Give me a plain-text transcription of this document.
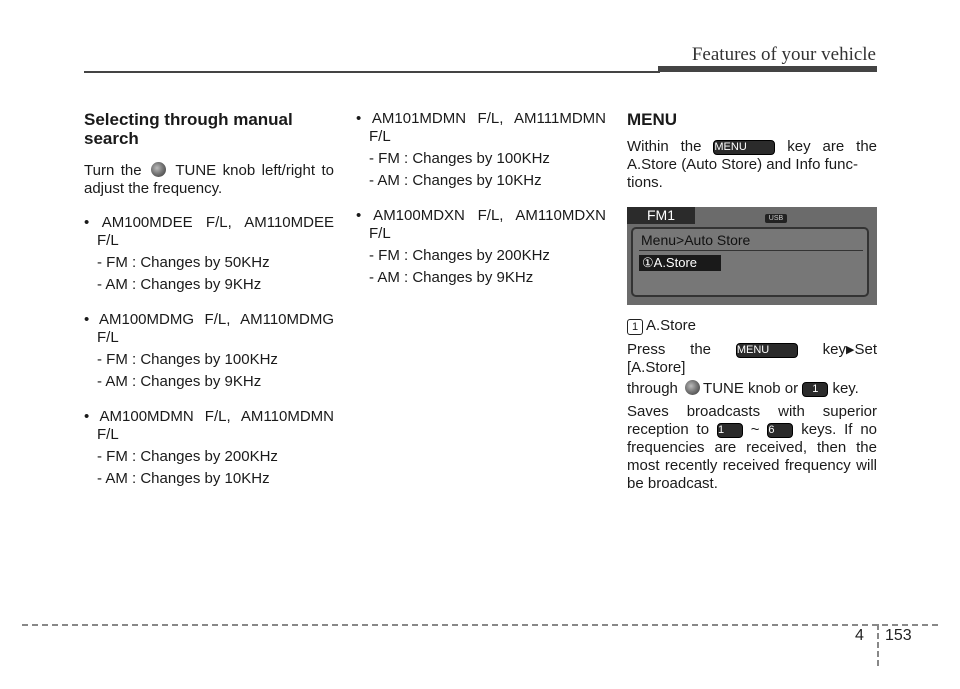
Features of your vehicle
Selecting through manual search

Turn the TUNE knob left/right to

adjust the frequency.

• AM100MDEE F/L, AM110MDEE

F/L

- FM : Changes by 50KHz

- AM : Changes by 9KHz

• AM100MDMG F/L, AM110MDMG

F/L

- FM : Changes by 100KHz

- AM : Changes by 9KHz

• AM100MDMN F/L, AM110MDMN

F/L

- FM : Changes by 200KHz

- AM : Changes by 10KHz

• AM101MDMN F/L, AM111MDMN

F/L

- FM : Changes by 100KHz

- AM : Changes by 10KHz

• AM100MDXN F/L, AM110MDXN

F/L

- FM : Changes by 200KHz

- AM : Changes by 9KHz

MENU

Within the MENU	key are the

A.Store (Auto Store) and Info func-

tions.

FM1	USB
Menu>Auto Store
①A.Store

1 A.Store

Press the MENU	key▶Set [A.Store]

through TUNE knob or 1 key.

Saves broadcasts with superior

reception to 1 ~ 6 keys. If no

frequencies are received, then the

most recently received frequency will

be broadcast.

4 153
